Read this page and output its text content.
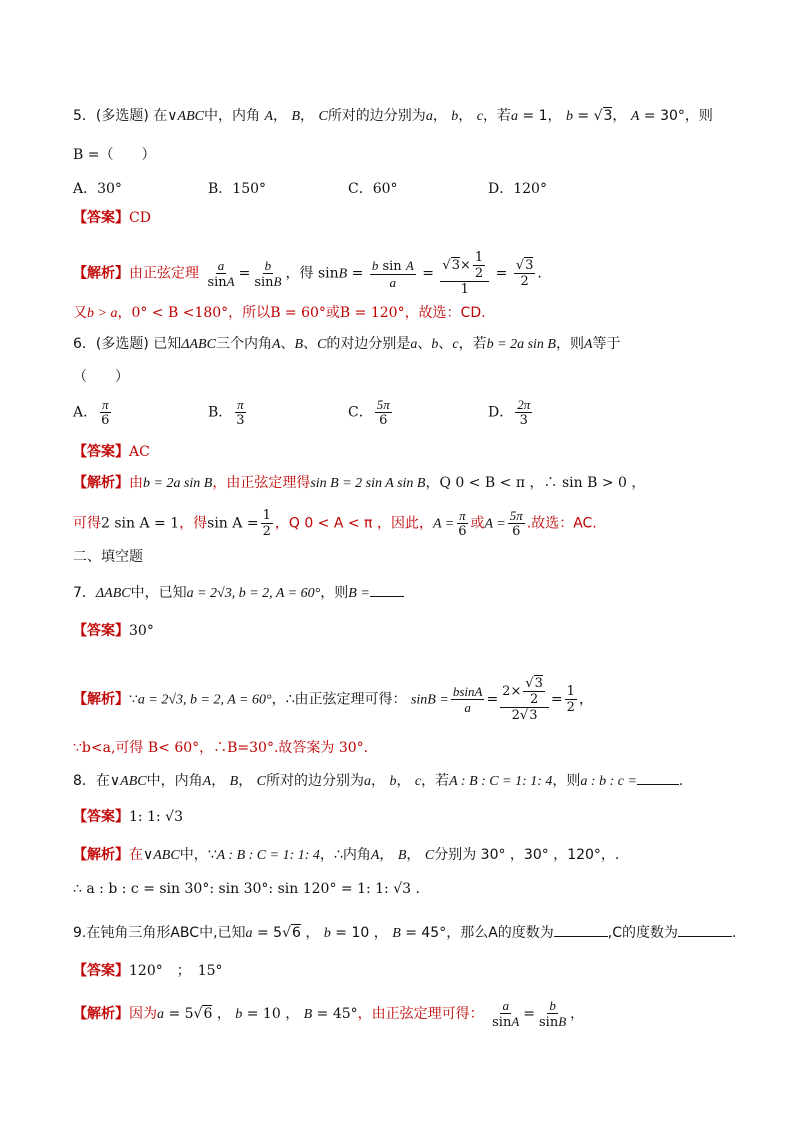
5．(多选题) 在∨ABC中，内角 A， B， C所对的边分别为a， b， c，若a = 1， b = √3， A = 30°，则
B =（　　）
A．30°	B．150°	C．60°	D．120°
【答案】CD
【解析】由正弦定理 $\frac{a}{\sin A} = \frac{b}{\sin B}$ ，得 $\sin B = \frac{\text{b sin A}}{a} = \frac{√3\times \frac{1}{2}}{1} = \frac{√3}{2}$ .
又b > a，0° < B <180°，所以B = 60°或B = 120°，故选：CD.
6．(多选题) 已知ΔABC三个内角A、B、C的对边分别是a、b、c，若b = 2a sin B，则A等于
（　　）
A． $\frac{\pi}{6}$	B． $\frac{\pi}{3}$	C． $\frac{5\pi}{6}$	D． $\frac{2\pi}{3}$
【答案】AC
【解析】由b = 2a sin B，由正弦定理得sin B = 2 sin A sin B，Q 0 < B < π ，∴ sin B > 0 ，
可得2 sin A = 1，得$\sin A = \frac{1}{2}$ ，Q 0 < A < π ，因此，$A = \frac{\pi}{6}$ 或$A = \frac{5\pi}{6}$ .故选：AC.
二、填空题
7．ΔABC中，已知a = 2√3, b = 2, A = 60°，则B =
【答案】30°
【解析】∵a = 2√3, b = 2, A = 60°，∴由正弦定理可得： $\sin B = \frac{bsinA}{a} = \frac{2\times \frac{√3}{2}}{2√3} = \frac{1}{2}$ ，
∵b<a,可得 B< 60°，∴B=30°.故答案为 30°.
8．在∨ABC中，内角A， B， C所对的边分别为a， b， c，若A : B : C = 1: 1: 4，则a : b : c =	.
【答案】1: 1: √3
【解析】在∨ABC中，∵A : B : C = 1: 1: 4，∴内角A， B， C分别为 30° ，30° ，120°，.
∴ a : b : c = sin 30°: sin 30°: sin 120° = 1: 1: √3 .
9.在钝角三角形ABC中,已知a = 5√6 ， b = 10 ， B = 45°，那么A的度数为	,C的度数为	.
【答案】120°　；　15°
【解析】因为a = 5√6 ， b = 10 ， B = 45°，由正弦定理可得： $\frac{a}{\sin A} = \frac{b}{\sin B}$ ，
